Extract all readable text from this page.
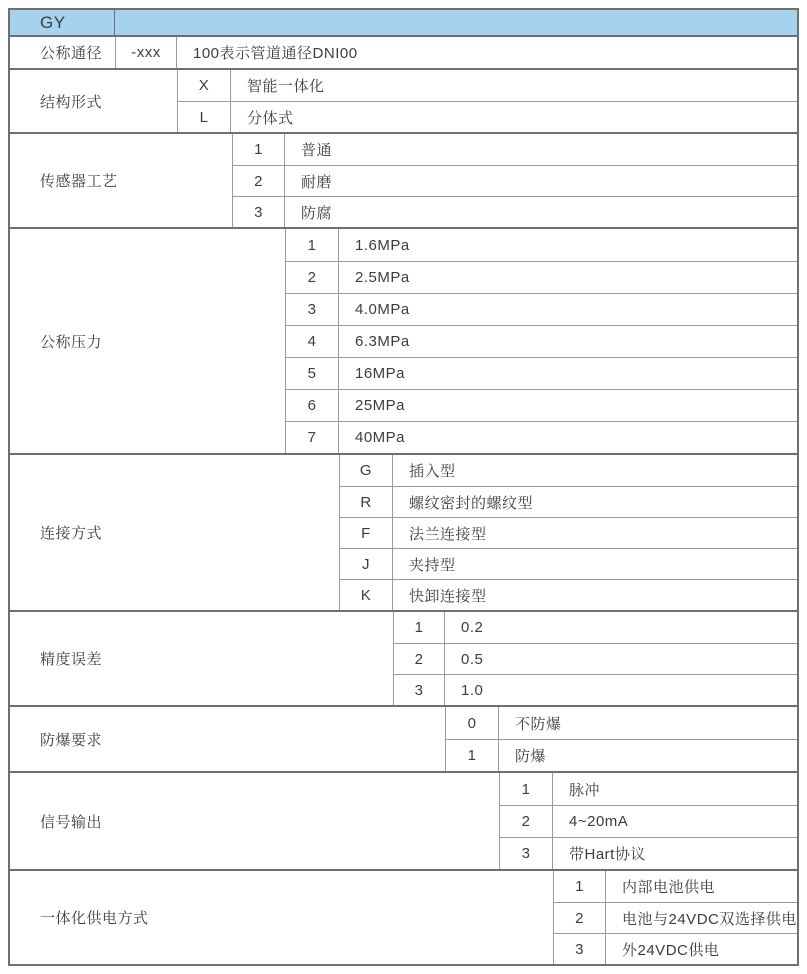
GY
公称通径	-xxx	100表示管道通径DNI00
结构形式
X	智能一体化
L	分体式
传感器工艺
1	普通
2	耐磨
3	防腐
公称压力
1	1.6MPa
2	2.5MPa
3	4.0MPa
4	6.3MPa
5	16MPa
6	25MPa
7	40MPa
连接方式
G	插入型
R	螺纹密封的螺纹型
F	法兰连接型
J	夹持型
K	快卸连接型
精度误差
1	0.2
2	0.5
3	1.0
防爆要求
0	不防爆
1	防爆
信号输出
1	脉冲
2	4~20mA
3	带Hart协议
一体化供电方式
1	内部电池供电
2	电池与24VDC双选择供电
3	外24VDC供电
